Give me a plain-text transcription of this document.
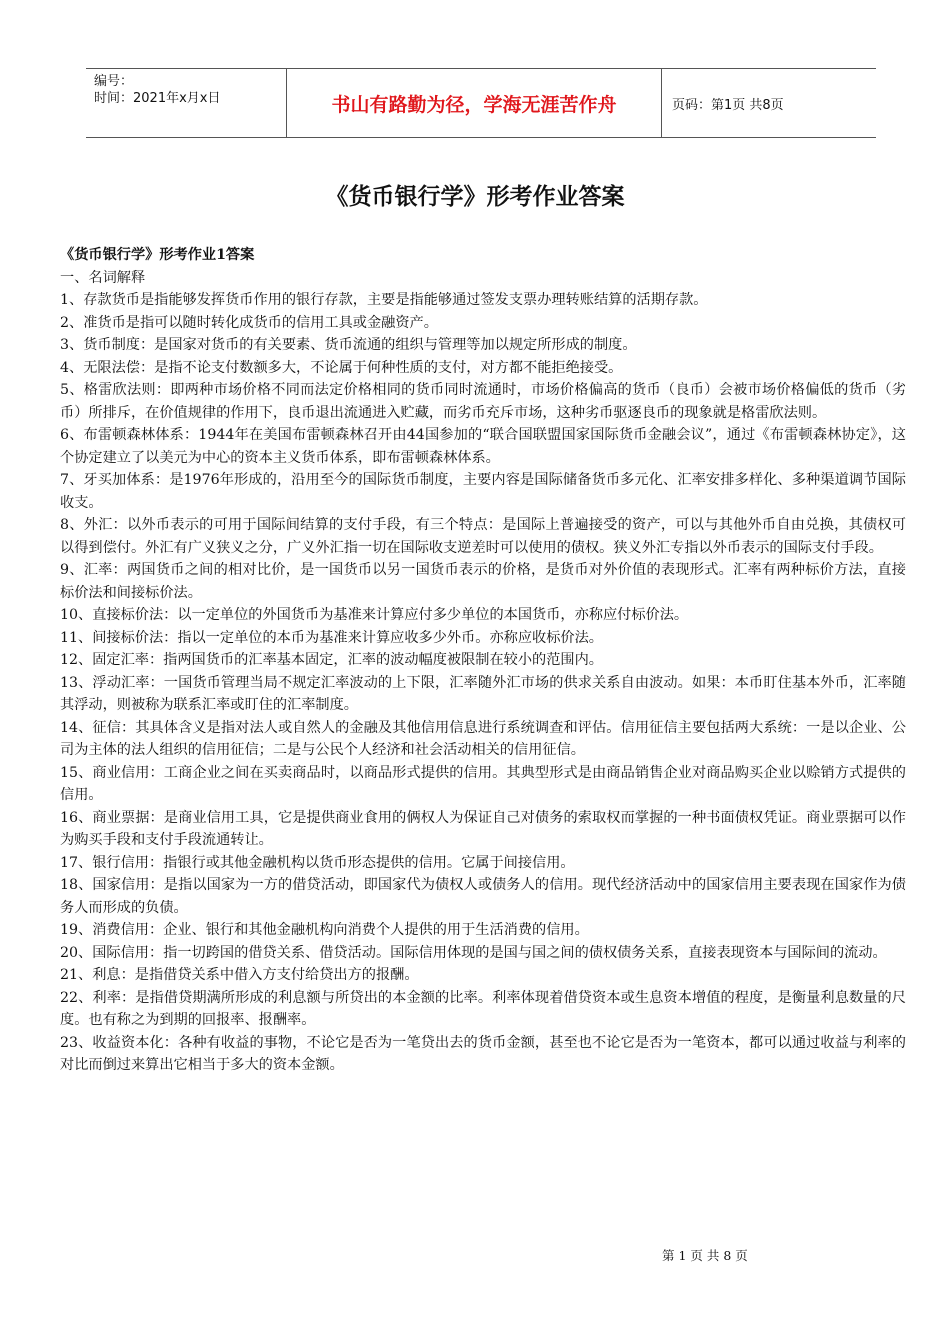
编号：
时间：2021年x月x日	书山有路勤为径，学海无涯苦作舟	页码：第1页 共8页
《货币银行学》形考作业答案
《货币银行学》形考作业1答案
一、名词解释

1、存款货币是指能够发挥货币作用的银行存款，主要是指能够通过签发支票办理转账结算的活期存款。

2、准货币是指可以随时转化成货币的信用工具或金融资产。

3、货币制度：是国家对货币的有关要素、货币流通的组织与管理等加以规定所形成的制度。

4、无限法偿：是指不论支付数额多大，不论属于何种性质的支付，对方都不能拒绝接受。

5、格雷欣法则：即两种市场价格不同而法定价格相同的货币同时流通时，市场价格偏高的货币（良币）会被市场价格偏低的货币（劣币）所排斥，在价值规律的作用下，良币退出流通进入贮藏，而劣币充斥市场，这种劣币驱逐良币的现象就是格雷欣法则。

6、布雷顿森林体系：1944年在美国布雷顿森林召开由44国参加的“联合国联盟国家国际货币金融会议”，通过《布雷顿森林协定》，这个协定建立了以美元为中心的资本主义货币体系，即布雷顿森林体系。

7、牙买加体系：是1976年形成的，沿用至今的国际货币制度，主要内容是国际储备货币多元化、汇率安排多样化、多种渠道调节国际收支。

8、外汇：以外币表示的可用于国际间结算的支付手段，有三个特点：是国际上普遍接受的资产，可以与其他外币自由兑换，其债权可以得到偿付。外汇有广义狭义之分，广义外汇指一切在国际收支逆差时可以使用的债权。狭义外汇专指以外币表示的国际支付手段。

9、汇率：两国货币之间的相对比价，是一国货币以另一国货币表示的价格，是货币对外价值的表现形式。汇率有两种标价方法，直接标价法和间接标价法。

10、直接标价法：以一定单位的外国货币为基准来计算应付多少单位的本国货币，亦称应付标价法。

11、间接标价法：指以一定单位的本币为基准来计算应收多少外币。亦称应收标价法。

12、固定汇率：指两国货币的汇率基本固定，汇率的波动幅度被限制在较小的范围内。

13、浮动汇率：一国货币管理当局不规定汇率波动的上下限，汇率随外汇市场的供求关系自由波动。如果：本币盯住基本外币，汇率随其浮动，则被称为联系汇率或盯住的汇率制度。

14、征信：其具体含义是指对法人或自然人的金融及其他信用信息进行系统调查和评估。信用征信主要包括两大系统：一是以企业、公司为主体的法人组织的信用征信；二是与公民个人经济和社会活动相关的信用征信。

15、商业信用：工商企业之间在买卖商品时，以商品形式提供的信用。其典型形式是由商品销售企业对商品购买企业以赊销方式提供的信用。

16、商业票据：是商业信用工具，它是提供商业食用的俩权人为保证自己对债务的索取权而掌握的一种书面债权凭证。商业票据可以作为购买手段和支付手段流通转让。

17、银行信用：指银行或其他金融机构以货币形态提供的信用。它属于间接信用。

18、国家信用：是指以国家为一方的借贷活动，即国家代为债权人或债务人的信用。现代经济活动中的国家信用主要表现在国家作为债务人而形成的负债。

19、消费信用：企业、银行和其他金融机构向消费个人提供的用于生活消费的信用。

20、国际信用：指一切跨国的借贷关系、借贷活动。国际信用体现的是国与国之间的债权债务关系，直接表现资本与国际间的流动。

21、利息：是指借贷关系中借入方支付给贷出方的报酬。

22、利率：是指借贷期满所形成的利息额与所贷出的本金额的比率。利率体现着借贷资本或生息资本增值的程度，是衡量利息数量的尺度。也有称之为到期的回报率、报酬率。

23、收益资本化：各种有收益的事物，不论它是否为一笔贷出去的货币金额，甚至也不论它是否为一笔资本，都可以通过收益与利率的对比而倒过来算出它相当于多大的资本金额。

第 1 页 共 8 页
